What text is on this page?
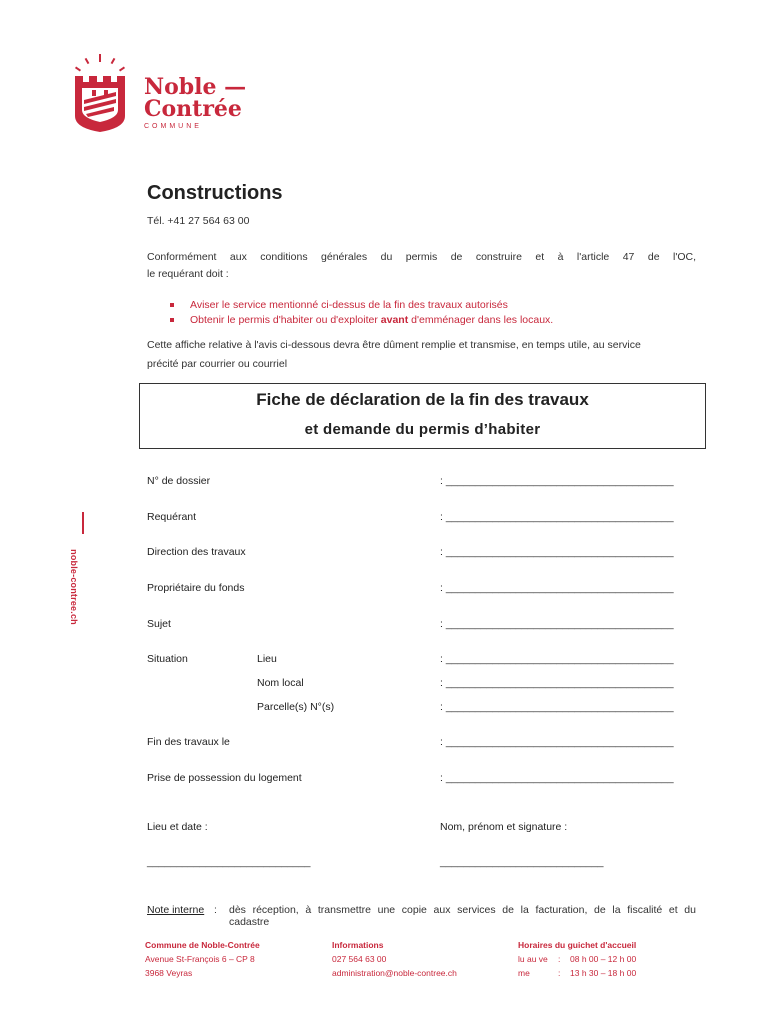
Noble —
Contrée
COMMUNE
noble-contree.ch
Constructions
Tél. +41 27 564 63 00
Conformément aux conditions générales du permis de construire et à l'article 47 de l'OC,
le requérant doit :
Aviser le service mentionné ci-dessus de la fin des travaux autorisés
Obtenir le permis d'habiter ou d'exploiter avant d'emménager dans les locaux.
Cette affiche relative à l'avis ci-dessous devra être dûment remplie et transmise, en temps utile, au service
précité par courrier ou courriel
Fiche de déclaration de la fin des travaux
et demande du permis d’habiter
N° de dossier	: _______________________________________
Requérant	: _______________________________________
Direction des travaux	: _______________________________________
Propriétaire du fonds	: _______________________________________
Sujet	: _______________________________________
Situation	Lieu	: _______________________________________
Nom local	: _______________________________________
Parcelle(s) N°(s)	: _______________________________________
Fin des travaux le	: _______________________________________
Prise de possession du logement	: _______________________________________
Lieu et date :	Nom, prénom et signature :
____________________________	____________________________
Note interne : dès réception, à transmettre une copie aux services de la facturation, de la fiscalité et du
cadastre
Commune de Noble-Contrée
Avenue St-François 6 – CP 8
3968 Veyras
Informations
027 564 63 00
administration@noble-contree.ch
Horaires du guichet d'accueil
lu au ve : 08 h 00 – 12 h 00
me	: 13 h 30 – 18 h 00
